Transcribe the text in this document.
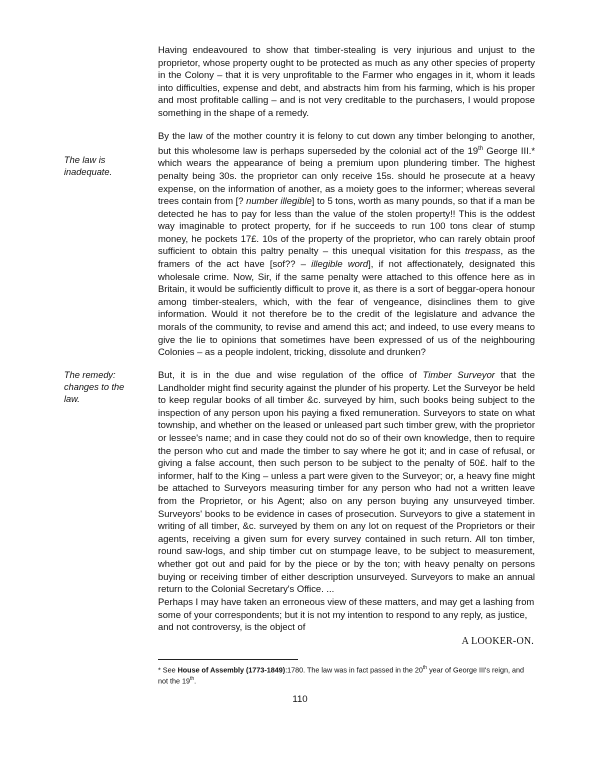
Having endeavoured to show that timber-stealing is very injurious and unjust to the proprietor, whose property ought to be protected as much as any other species of property in the Colony – that it is very unprofitable to the Farmer who engages in it, whom it leads into difficulties, expense and debt, and abstracts him from his farming, which is his proper and most profitable calling – and is not very creditable to the purchasers, I would propose something in the shape of a remedy.

The law is inadequate.

By the law of the mother country it is felony to cut down any timber belonging to another, but this wholesome law is perhaps superseded by the colonial act of the 19th George III.* which wears the appearance of being a premium upon plundering timber. The highest penalty being 30s. the proprietor can only receive 15s. should he prosecute at a heavy expense, on the information of another, as a moiety goes to the informer; whereas several trees contain from [? number illegible] to 5 tons, worth as many pounds, so that if a man be detected he has to pay for less than the value of the stolen property!! This is the oddest way imaginable to protect property, for if he succeeds to run 100 tons clear of stump money, he pockets 17£. 10s of the property of the proprietor, who can rarely obtain proof sufficient to obtain this paltry penalty – this unequal visitation for this trespass, as the framers of the act have [sof?? – illegible word], if not affectionately, designated this wholesale crime. Now, Sir, if the same penalty were attached to this offence here as in Britain, it would be sufficiently difficult to prove it, as there is a sort of beggar-opera honour among timber-stealers, which, with the fear of vengeance, disinclines them to give information. Would it not therefore be to the credit of the legislature and advance the morals of the community, to revise and amend this act; and indeed, to use every means to give the lie to opinions that sometimes have been expressed of us of the neighbouring Colonies – as a people indolent, tricking, dissolute and drunken?

The remedy: changes to the law.

But, it is in the due and wise regulation of the office of Timber Surveyor that the Landholder might find security against the plunder of his property. Let the Surveyor be held to keep regular books of all timber &c. surveyed by him, such books being subject to the inspection of any person upon his paying a fixed remuneration. Surveyors to state on what township, and whether on the leased or unleased part such timber grew, with the proprietor or lessee's name; and in case they could not do so of their own knowledge, then to require the person who cut and made the timber to say where he got it; and in case of refusal, or giving a false account, then such person to be subject to the penalty of 50£. half to the informer, half to the King – unless a part were given to the Surveyor; or, a heavy fine might be attached to Surveyors measuring timber for any person who had not a written leave from the Proprietor, or his Agent; also on any person buying any unsurveyed timber. Surveyors' books to be evidence in cases of prosecution. Surveyors to give a statement in writing of all timber, &c. surveyed by them on any lot on request of the Proprietors or their agents, receiving a given sum for every survey contained in such return. All ton timber, round saw-logs, and ship timber cut on stumpage leave, to be subject to measurement, whether got out and paid for by the piece or by the ton; with heavy penalty on persons buying or receiving timber of either description unsurveyed. Surveyors to make an annual return to the Colonial Secretary's Office. ...

Perhaps I may have taken an erroneous view of these matters, and may get a lashing from some of your correspondents; but it is not my intention to respond to any reply, as justice, and not controversy, is the object of

A LOOKER-ON.

* See House of Assembly (1773-1849):1780. The law was in fact passed in the 20th year of George III's reign, and not the 19th.

110
